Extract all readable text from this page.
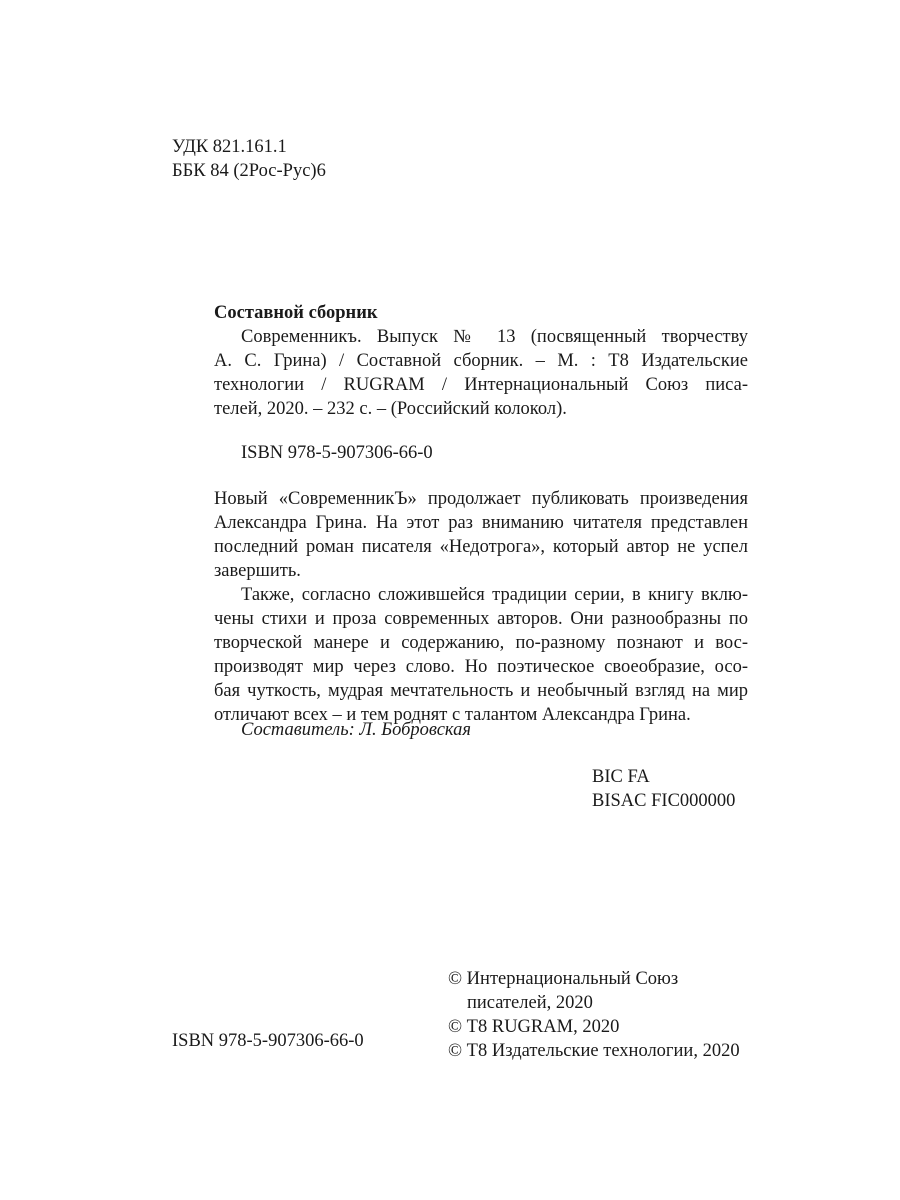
УДК 821.161.1
ББК 84 (2Рос-Рус)6
Составной сборник
Современникъ. Выпуск № 13 (посвященный творчеству
А. С. Грина) / Составной сборник. – М. : Т8 Издательские
технологии / RUGRAM / Интернациональный Союз писа-
телей, 2020. – 232 с. – (Российский колокол).
ISBN 978-5-907306-66-0
Новый «СовременникЪ» продолжает публиковать произведения
Александра Грина. На этот раз вниманию читателя представлен
последний роман писателя «Недотрога», который автор не успел
завершить.
Также, согласно сложившейся традиции серии, в книгу вклю-
чены стихи и проза современных авторов. Они разнообразны по
творческой манере и содержанию, по-разному познают и вос-
производят мир через слово. Но поэтическое своеобразие, осо-
бая чуткость, мудрая мечтательность и необычный взгляд на мир
отличают всех – и тем роднят с талантом Александра Грина.
Составитель: Л. Бобровская
BIC FA
BISAC FIC000000
© Интернациональный Союз
писателей, 2020
© Т8 RUGRAM, 2020
© Т8 Издательские технологии, 2020
ISBN 978-5-907306-66-0
